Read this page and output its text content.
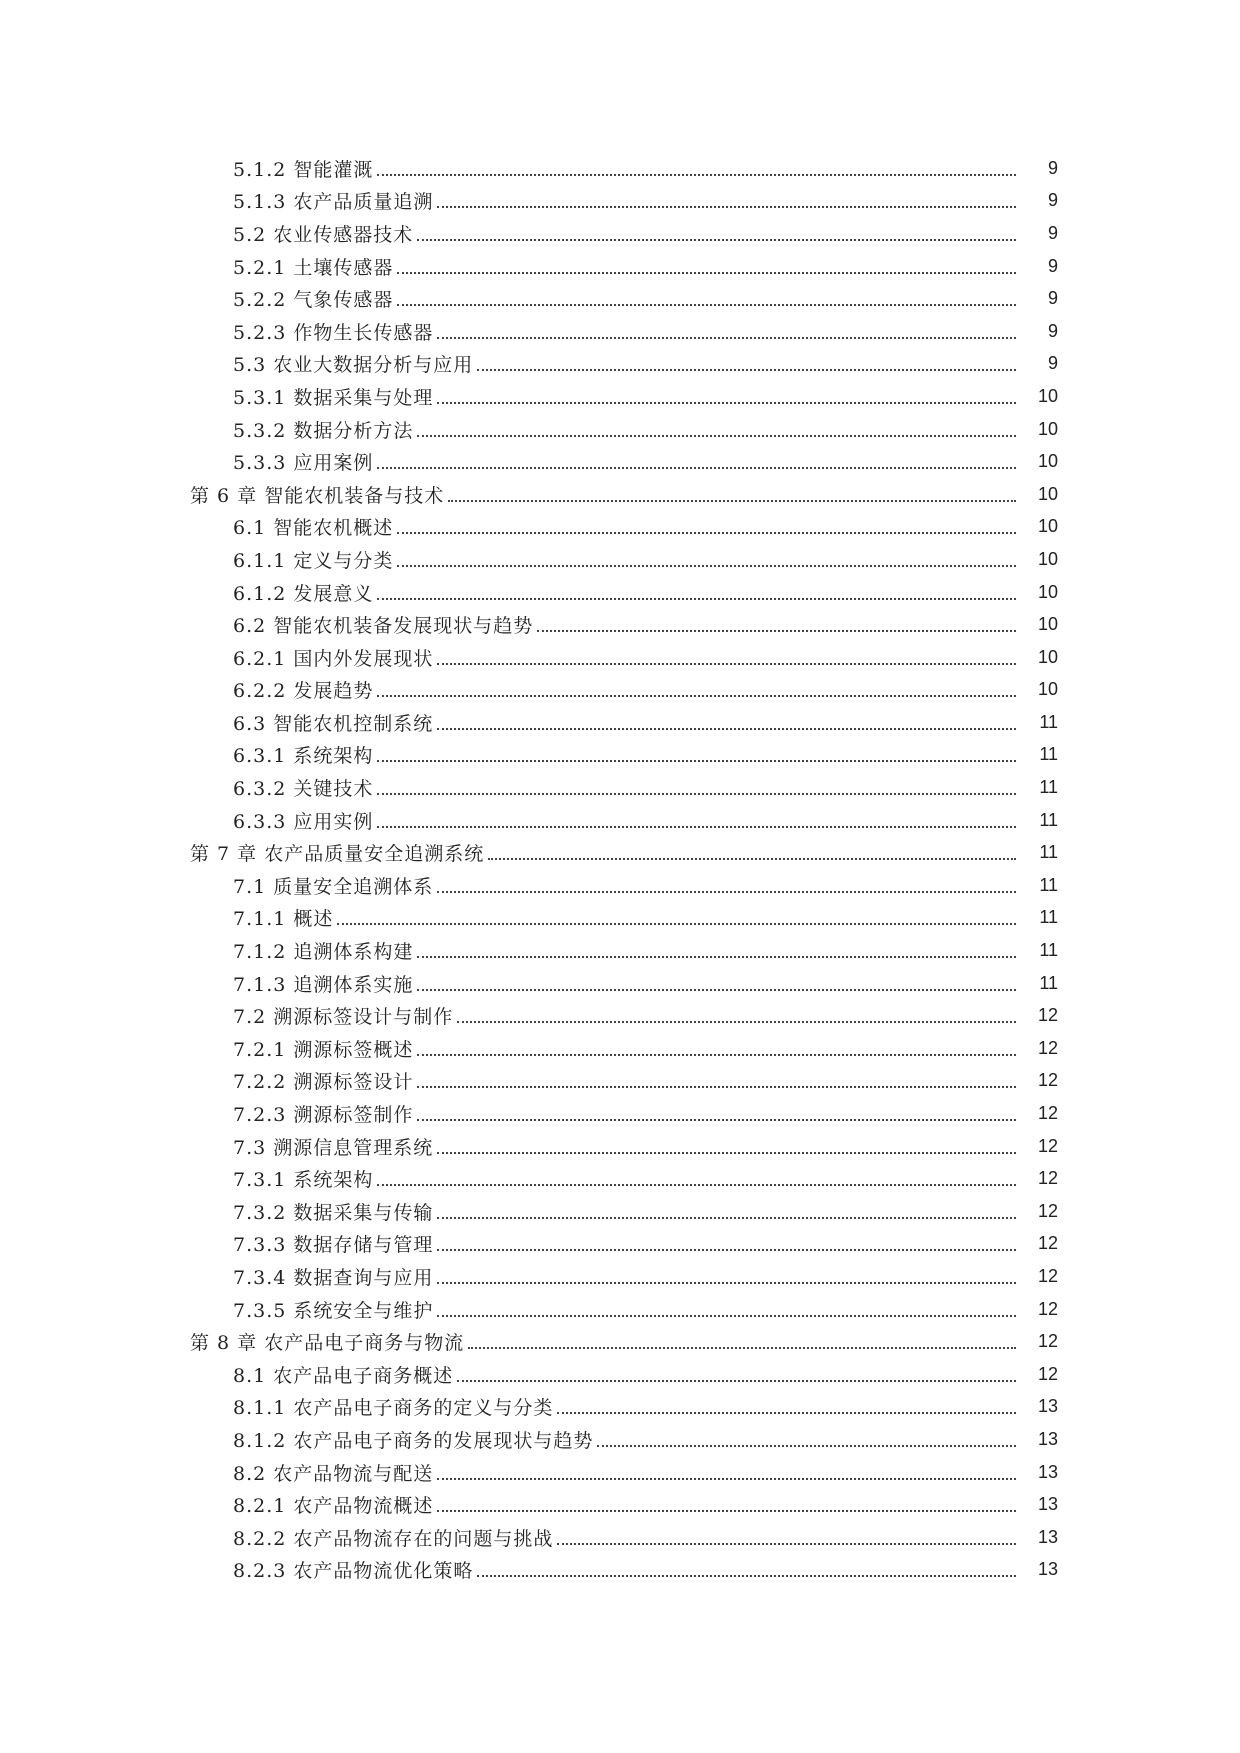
5.1.2 智能灌溉	9
5.1.3 农产品质量追溯	9
5.2 农业传感器技术	9
5.2.1 土壤传感器	9
5.2.2 气象传感器	9
5.2.3 作物生长传感器	9
5.3 农业大数据分析与应用	9
5.3.1 数据采集与处理	10
5.3.2 数据分析方法	10
5.3.3 应用案例	10
第 6 章 智能农机装备与技术	10
6.1 智能农机概述	10
6.1.1 定义与分类	10
6.1.2 发展意义	10
6.2 智能农机装备发展现状与趋势	10
6.2.1 国内外发展现状	10
6.2.2 发展趋势	10
6.3 智能农机控制系统	11
6.3.1 系统架构	11
6.3.2 关键技术	11
6.3.3 应用实例	11
第 7 章 农产品质量安全追溯系统	11
7.1 质量安全追溯体系	11
7.1.1 概述	11
7.1.2 追溯体系构建	11
7.1.3 追溯体系实施	11
7.2 溯源标签设计与制作	12
7.2.1 溯源标签概述	12
7.2.2 溯源标签设计	12
7.2.3 溯源标签制作	12
7.3 溯源信息管理系统	12
7.3.1 系统架构	12
7.3.2 数据采集与传输	12
7.3.3 数据存储与管理	12
7.3.4 数据查询与应用	12
7.3.5 系统安全与维护	12
第 8 章 农产品电子商务与物流	12
8.1 农产品电子商务概述	12
8.1.1 农产品电子商务的定义与分类	13
8.1.2 农产品电子商务的发展现状与趋势	13
8.2 农产品物流与配送	13
8.2.1 农产品物流概述	13
8.2.2 农产品物流存在的问题与挑战	13
8.2.3 农产品物流优化策略	13
